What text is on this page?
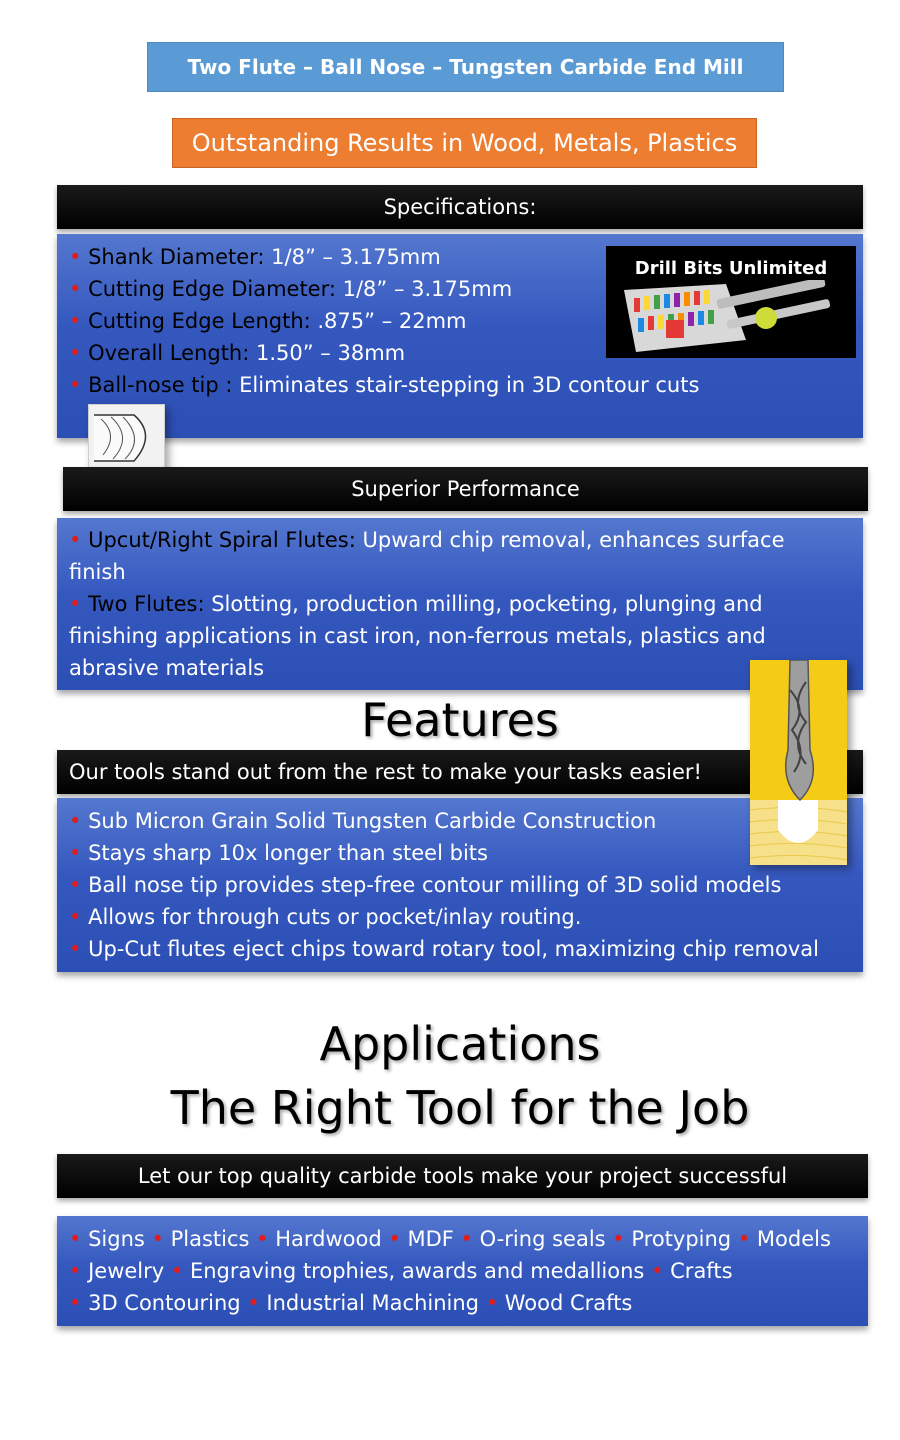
Two Flute – Ball Nose – Tungsten Carbide End Mill
Outstanding Results in Wood, Metals, Plastics
Specifications:
• Shank Diameter: 1/8” – 3.175mm
• Cutting Edge Diameter: 1/8” – 3.175mm
• Cutting Edge Length: .875” – 22mm
• Overall Length: 1.50” – 38mm
• Ball-nose tip : Eliminates stair-stepping in 3D contour cuts
Drill Bits Unlimited
Superior Performance
• Upcut/Right Spiral Flutes: Upward chip removal, enhances surface
finish
• Two Flutes: Slotting, production milling, pocketing, plunging and
finishing applications in cast iron, non-ferrous metals, plastics and
abrasive materials
Features
Our tools stand out from the rest to make your tasks easier!
• Sub Micron Grain Solid Tungsten Carbide Construction
• Stays sharp 10x longer than steel bits
• Ball nose tip provides step-free contour milling of 3D solid models
• Allows for through cuts or pocket/inlay routing.
• Up-Cut flutes eject chips toward rotary tool, maximizing chip removal
Applications
The Right Tool for the Job
Let our top quality carbide tools make your project successful
• Signs • Plastics • Hardwood • MDF • O-ring seals • Protyping • Models
• Jewelry • Engraving trophies, awards and medallions • Crafts
• 3D Contouring • Industrial Machining • Wood Crafts
